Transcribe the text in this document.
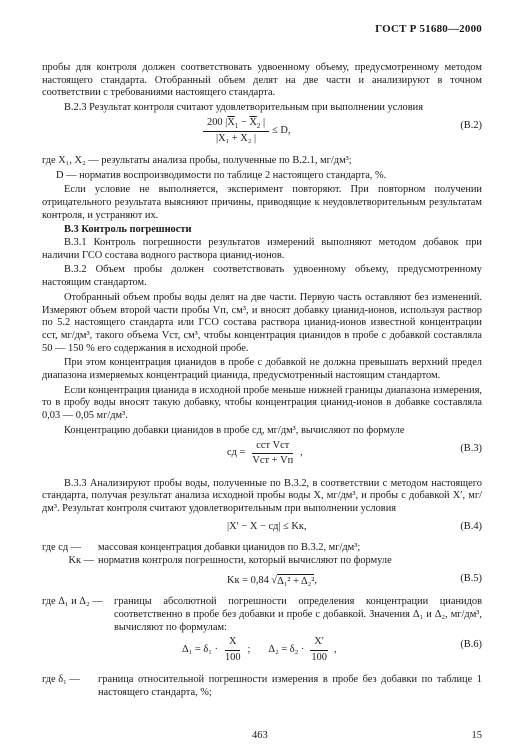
ГОСТ Р 51680—2000

пробы для контроля должен соответствовать удвоенному объему, предусмотренному методом настоящего стандарта. Отобранный объем делят на две части и анализируют в точном соответствии с требованиями настоящего стандарта.

В.2.3 Результат контроля считают удовлетворительным при выполнении условия

$\frac{200 |\overline{X}_1 - \overline{X}_2 |}{\text{|X₁ + X₂ |}} \le D$,	(В.2)

где X₁, X₂ — результаты анализа пробы, полученные по В.2.1, мг/дм³;

D — норматив воспроизводимости по таблице 2 настоящего стандарта, %.

Если условие не выполняется, эксперимент повторяют. При повторном получении отрицательного результата выясняют причины, приводящие к неудовлетворительным результатам контроля, и устраняют их.

В.3 Контроль погрешности

В.3.1 Контроль погрешности результатов измерений выполняют методом добавок при наличии ГСО состава водного раствора цианид-ионов.

В.3.2 Объем пробы должен соответствовать удвоенному объему, предусмотренному настоящим стандартом.

Отобранный объем пробы воды делят на две части. Первую часть оставляют без изменений. Измеряют объем второй части пробы Vп, см³, и вносят добавку цианид-ионов, используя раствор по 5.2 настоящего стандарта или ГСО состава раствора цианид-ионов известной концентрации cст, мг/дм³, такого объема Vст, см³, чтобы концентрация цианидов в пробе с добавкой составляла 50 — 150 % его содержания в исходной пробе.

При этом концентрация цианидов в пробе с добавкой не должна превышать верхний предел диапазона измеряемых концентраций цианида, предусмотренный настоящим стандартом.

Если концентрация цианида в исходной пробе меньше нижней границы диапазона измерения, то в пробу воды вносят такую добавку, чтобы концентрация цианид-ионов в добавке составляла 0,03 — 0,05 мг/дм³.

Концентрацию добавки цианидов в пробе cд, мг/дм³, вычисляют по формуле

cд = $\frac{\text{cст Vст}}{\text{Vст + Vп}}$ ,	(В.3)

В.3.3 Анализируют пробы воды, полученные по В.3.2, в соответствии с методом настоящего стандарта, получая результат анализа исходной пробы воды X, мг/дм³, и пробы с добавкой X′, мг/дм³. Результат контроля считают удовлетворительным при выполнении условия

|X′ − X − cд| ≤ Kк,	(В.4)
где cд —	массовая концентрация добавки цианидов по В.3.2, мг/дм³;
Kк — норматив контроля погрешности, который вычисляют по формуле
Kк = 0,84 √ Δ₁² + Δ₂² ,	(В.5)
где Δ₁ и Δ₂ —	границы абсолютной погрешности определения концентрации цианидов соответственно в пробе без добавки и пробе с добавкой. Значения Δ₁ и Δ₂, мг/дм³, вычисляют по формулам:
$\Delta_1 = \delta_1 \cdot \frac{X}{100}$ ; $\Delta_2 = \delta_2 \cdot \frac{X'}{100}$ ,	(В.6)
где δ₁ —	граница относительной погрешности измерения в пробе без добавки по таблице 1 настоящего стандарта, %;
463	15
